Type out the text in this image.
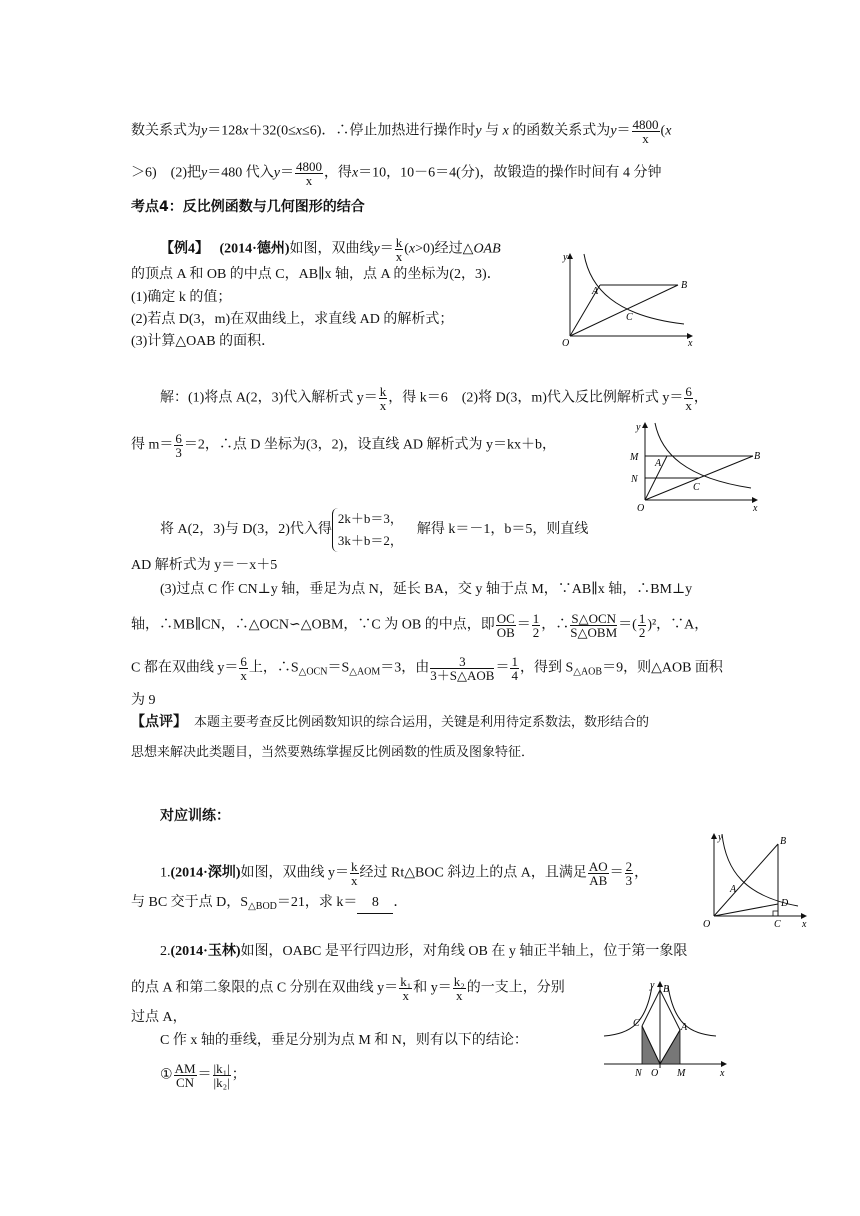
数关系式为y＝128x＋32(0≤x≤6)．∴停止加热进行操作时y 与 x 的函数关系式为$y= \frac{4800}{x} (x$
＞6)　 (2)把y＝480 代入$y= \frac{4800}{x}$ ，得x＝10，10－6＝4(分)，故锻造的操作时间有 4 分钟
考点4：反比例函数与几何图形的结合
【例4】　 (2014·德州)如图，双曲线$y= \frac{k}{x} (x>0)$经过△OAB
的顶点 A 和 OB 的中点 C，AB∥x 轴，点 A 的坐标为(2，3)．
(1)确定 k 的值；
(2)若点 D(3，m)在双曲线上，求直线 AD 的解析式；
(3)计算△OAB 的面积．
y
x
O
A
B
C
解：(1)将点 A(2，3)代入解析式 $y= \frac{k}{x}$ ，得 k＝6　(2)将 D(3，m)代入反比例解析式 $y= \frac{6}{x}$ ，
得 $m= \frac{6}{3} =2$，∴点 D 坐标为(3，2)，设直线 AD 解析式为 y＝kx＋b，
y
x
O
A
B
C
M
N
将 A(2，3)与 D(3，2)代入得
2k＋b＝3，
3k＋b＝2，
　解得 k＝－1，b＝5，则直线
AD 解析式为 y＝－x＋5
(3)过点 C 作 CN⊥y 轴，垂足为点 N，延长 BA，交 y 轴于点 M，∵AB∥x 轴，∴BM⊥y
轴，∴MB∥CN，∴△OCN∽△OBM，∵C 为 OB 的中点，即 $\frac{OC}{OB} = \frac{1}{2}$ ，∴ $\frac{\text{S△OCN}}{\text{S△OBM}}$ ＝( $\frac{1}{2} )^2$，∵A，
C 都在双曲线 $y= \frac{6}{x}$ 上，$\therefore S_{\triangle OCN}=S_{\triangle AOM}=3$，由 $\frac{3}{\text{3＋S△AOB}} = \frac{1}{4}$ ，得到 $S_{\triangle AOB}=9$，则△AOB 面积
为 9
【点评】　 本题主要考查反比例函数知识的综合运用，关键是利用待定系数法，数形结合的
思想来解决此类题目，当然要熟练掌握反比例函数的性质及图象特征．
对应训练：
1.(2014·深圳)如图，双曲线 $y= \frac{k}{x}$ 经过 Rt△BOC 斜边上的点 A，且满足 $\frac{AO}{AB} = \frac{2}{3}$ ，
与 BC 交于点 D，$S_{\triangle BOD}=21$，求 k＝ 8 ．
y
x
O
A
B
C
D
2.(2014·玉林)如图，OABC 是平行四边形，对角线 OB 在 y 轴正半轴上，位于第一象限
的点 A 和第二象限的点 C 分别在双曲线 $y= \frac{\text{k₁}}{x}$ 和 $y= \frac{\text{k₂}}{x}$ 的一支上，分别
过点 A，
C 作 x 轴的垂线，垂足分别为点 M 和 N，则有以下的结论：
① $\frac{AM}{CN} = \frac{\text{|k₁|}}{\text{|k₂|}}$ ；
y
x
O
A
B
C
M
N
